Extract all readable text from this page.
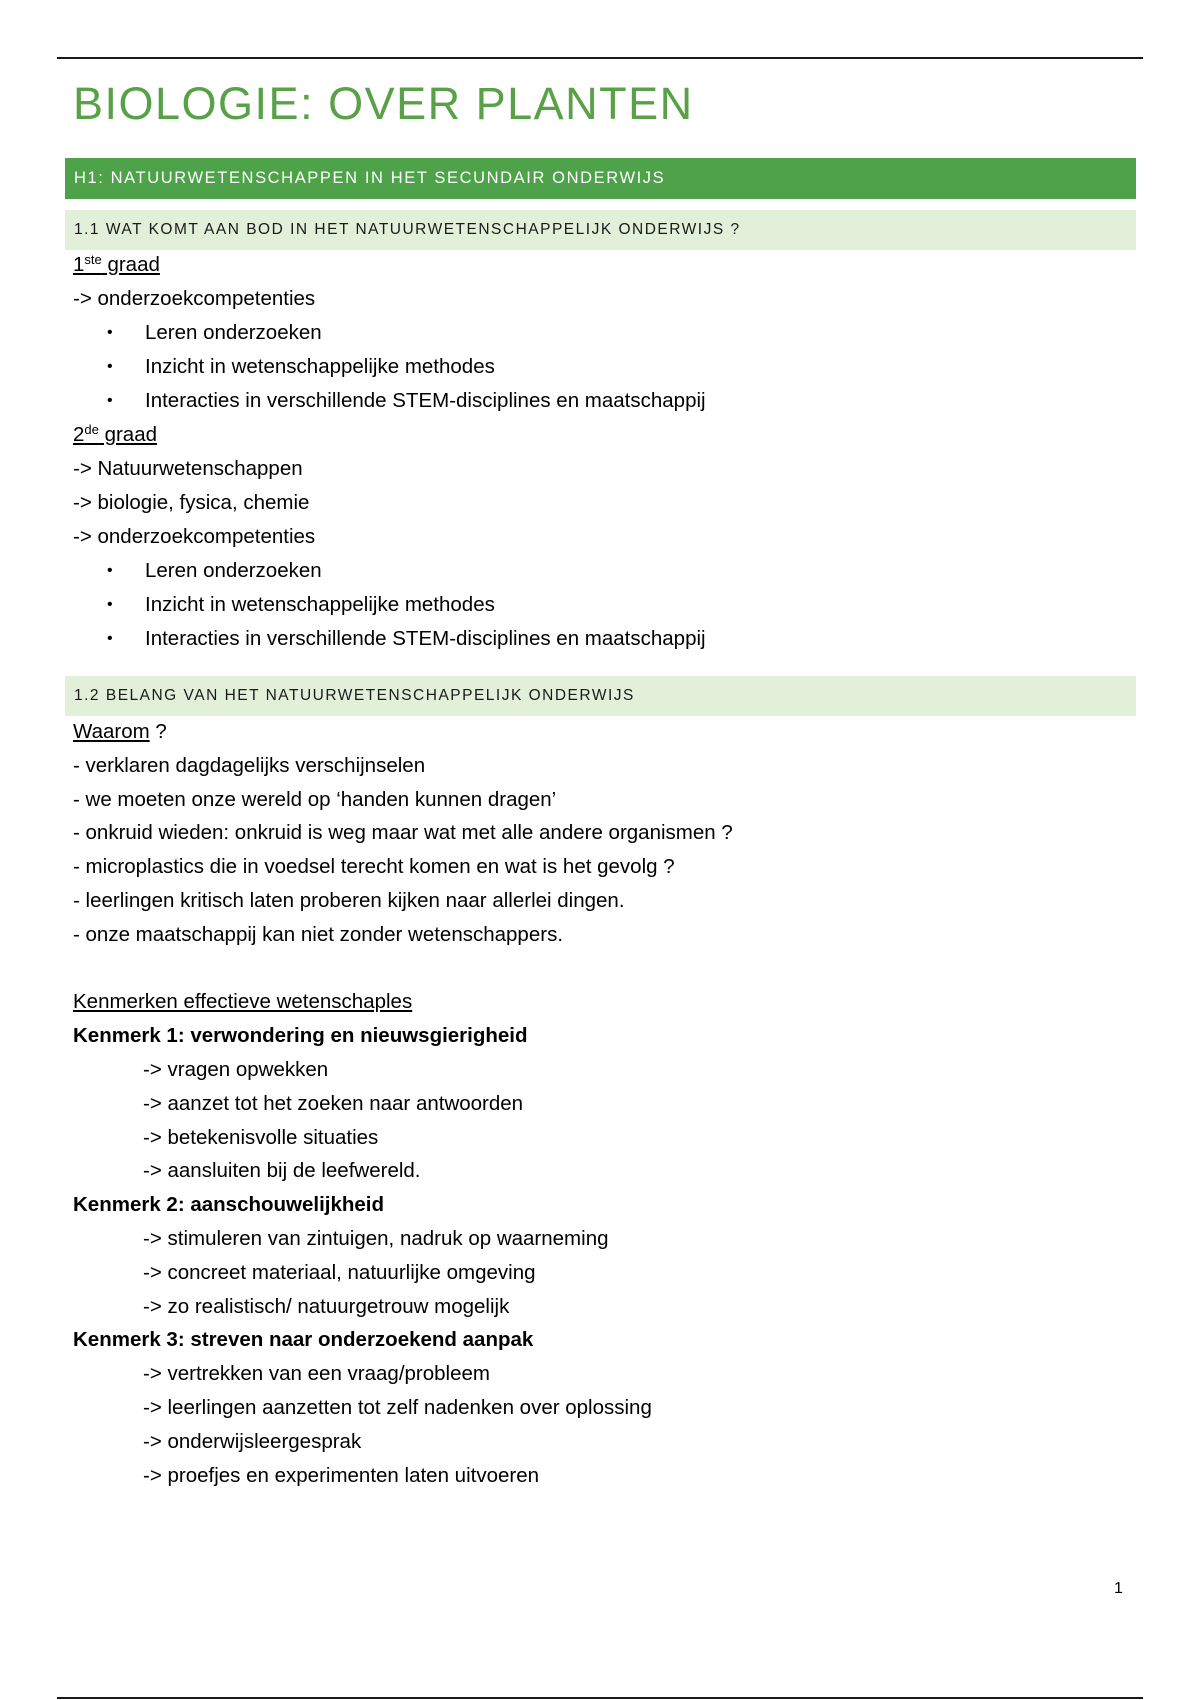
BIOLOGIE: OVER PLANTEN
H1: NATUURWETENSCHAPPEN IN HET SECUNDAIR ONDERWIJS
1.1 WAT KOMT AAN BOD IN HET NATUURWETENSCHAPPELIJK ONDERWIJS ?
1ste graad
-> onderzoekcompetenties
• Leren onderzoeken
• Inzicht in wetenschappelijke methodes
• Interacties in verschillende STEM-disciplines en maatschappij
2de graad
-> Natuurwetenschappen
-> biologie, fysica, chemie
-> onderzoekcompetenties
• Leren onderzoeken
• Inzicht in wetenschappelijke methodes
• Interacties in verschillende STEM-disciplines en maatschappij
1.2 BELANG VAN HET NATUURWETENSCHAPPELIJK ONDERWIJS
Waarom ?
- verklaren dagdagelijks verschijnselen
- we moeten onze wereld op ‘handen kunnen dragen’
- onkruid wieden: onkruid is weg maar wat met alle andere organismen ?
- microplastics die in voedsel terecht komen en wat is het gevolg ?
- leerlingen kritisch laten proberen kijken naar allerlei dingen.
- onze maatschappij kan niet zonder wetenschappers.
Kenmerken effectieve wetenschaples
Kenmerk 1: verwondering en nieuwsgierigheid
-> vragen opwekken
-> aanzet tot het zoeken naar antwoorden
-> betekenisvolle situaties
-> aansluiten bij de leefwereld.
Kenmerk 2: aanschouwelijkheid
-> stimuleren van zintuigen, nadruk op waarneming
-> concreet materiaal, natuurlijke omgeving
-> zo realistisch/ natuurgetrouw mogelijk
Kenmerk 3: streven naar onderzoekend aanpak
-> vertrekken van een vraag/probleem
-> leerlingen aanzetten tot zelf nadenken over oplossing
-> onderwijsleergesprak
-> proefjes en experimenten laten uitvoeren
1
